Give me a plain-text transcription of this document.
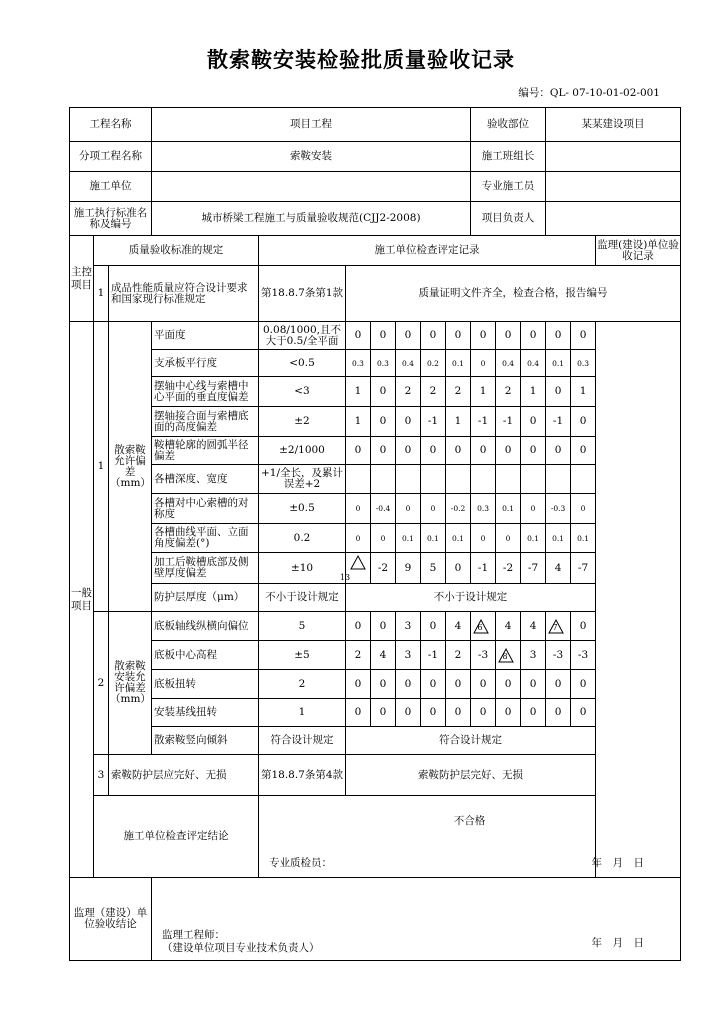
散索鞍安装检验批质量验收记录
编号：QL- 07-10-01-02-001
工程名称			项目工程							验收部位			某某建设项目			
分项工程名称			索鞍安装							施工班组长						
施工单位										专业施工员						
施工执行标准名称及编号			城市桥梁工程施工与质量验收规范(CJJ2-2008)							项目负责人						
主控项目	质量验收标准的规定			施工单位检查评定记录											监理(建设)单位验收记录	
	1	成品性能质量应符合设计要求和国家现行标准规定		第18.8.7条第1款	质量证明文件齐全，检查合格，报告编号											
一般项目	1	散索鞍允许偏差（mm）	平面度	0.08/1000,且不大于0.5/全平面	0	0	0	0	0	0	0	0	0	0		
			支承板平行度	<0.5	0.3	0.3	0.4	0.2	0.1	0	0.4	0.4	0.1	0.3		
			摆轴中心线与索槽中心平面的垂直度偏差	<3	1	0	2	2	2	1	2	1	0	1		
			摆轴接合面与索槽底面的高度偏差	±2	1	0	0	-1	1	-1	-1	0	-1	0		
			鞍槽轮廓的圆弧半径偏差	±2/1000	0	0	0	0	0	0	0	0	0	0		
			各槽深度、宽度	+1/全长，及累计误差+2												
			各槽对中心索槽的对称度	±0.5	0	-0.4	0	0	-0.2	0.3	0.1	0	-0.3	0		
			各槽曲线平面、立面角度偏差(°)	0.2	0	0	0.1	0.1	0.1	0	0	0.1	0.1	0.1		
			加工后鞍槽底部及侧壁厚度偏差	±10	13	-2	9	5	0	-1	-2	-7	4	-7		
			防护层厚度（μm）	不小于设计规定	不小于设计规定											
	2	散索鞍安装允许偏差（mm）	底板轴线纵横向偏位	5	0	0	3	0	4	6	4	4	7	0		
			底板中心高程	±5	2	4	3	-1	2	-3	8	3	-3	-3		
			底板扭转	2	0	0	0	0	0	0	0	0	0	0		
			安装基线扭转	1	0	0	0	0	0	0	0	0	0	0		
			散索鞍竖向倾斜	符合设计规定	符合设计规定											
	3	索鞍防护层应完好、无损		第18.8.7条第4款	索鞍防护层完好、无损											
	施工单位检查评定结论			不合格
专业质检员： 年　月　日												

监理（建设）单位验收结论			监理工程师：
（建设单位项目专业技术负责人） 年　月　日													
